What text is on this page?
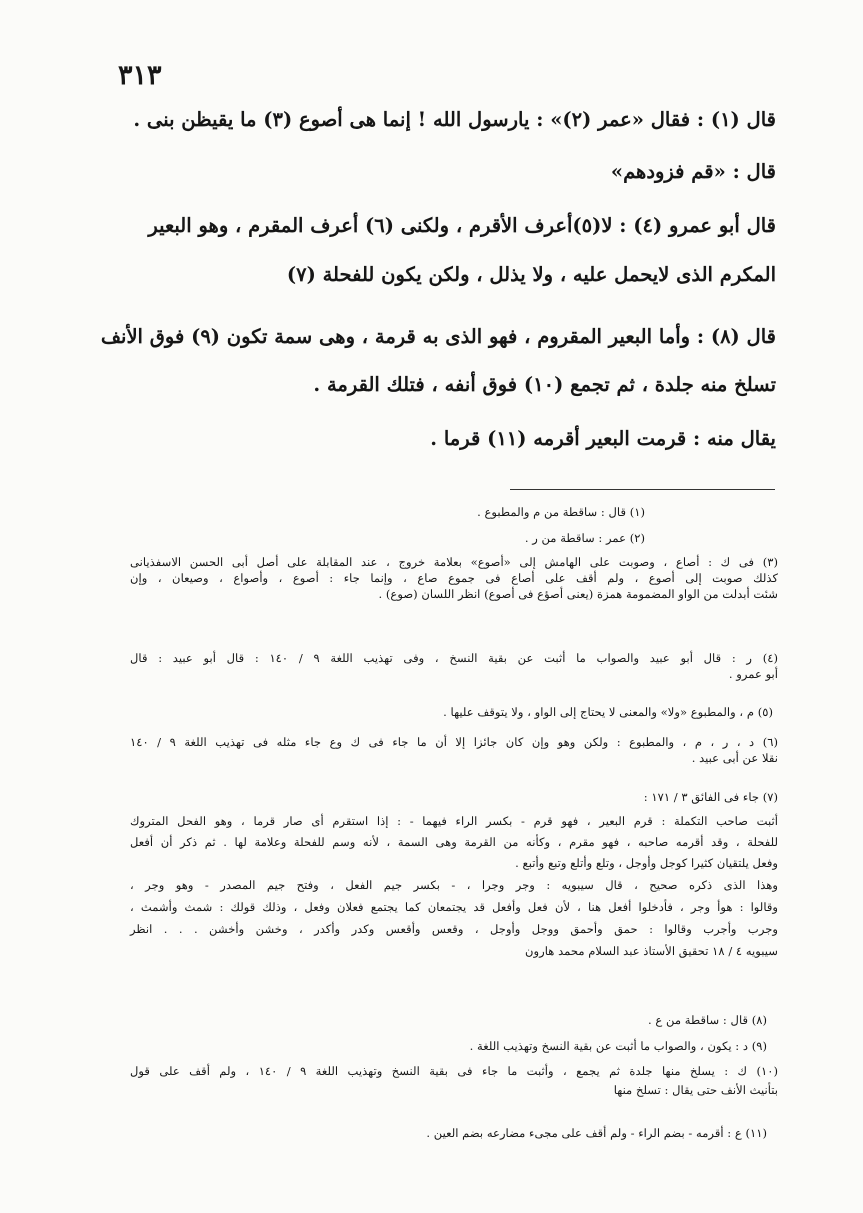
٣١٣
قال (١) : فقال «عمر (٢)» : يارسول الله ! إنما هى أصوع (٣) ما يقيظن بنى .
قال : «قم فزودهم»
قال أبو عمرو (٤) : لا(٥)أعرف الأقرم ، ولكنى (٦) أعرف المقرم ، وهو البعير
المكرم الذى لايحمل عليه ، ولا يذلل ، ولكن يكون للفحلة (٧)
قال (٨) : وأما البعير المقروم ، فهو الذى به قرمة ، وهى سمة تكون (٩) فوق الأنف
تسلخ منه جلدة ، ثم تجمع (١٠) فوق أنفه ، فتلك القرمة .
يقال منه : قرمت البعير أقرمه (١١) قرما .
(١) قال : ساقطة من م والمطبوع .
(٢) عمر : ساقطة من ر .
(٣) فى ك : أصاع ، وصوبت على الهامش إلى «أصوع» بعلامة خروج ، عند المقابلة على أصل أبى الحسن الاسفذيانى
كذلك صوبت إلى أصوع ، ولم أقف على أصاع فى جموع صاع ، وإنما جاء : أصوع ، وأصواع ، وصيعان ، وإن
شئت أبدلت من الواو المضمومة همزة (يعنى أصؤع فى أصوع) انظر اللسان (صوع) .
(٤) ر : قال أبو عبيد والصواب ما أثبت عن بقية النسخ ، وفى تهذيب اللغة ٩ / ١٤٠ : قال أبو عبيد : قال
أبو عمرو .
(٥) م ، والمطبوع «ولا» والمعنى لا يحتاج إلى الواو ، ولا يتوقف عليها .
(٦) د ، ر ، م ، والمطبوع : ولكن وهو وإن كان جائزا إلا أن ما جاء فى ك وع جاء مثله فى تهذيب اللغة ٩ / ١٤٠
نقلا عن أبى عبيد .
(٧) جاء فى الفائق ٣ / ١٧١ :
أثبت صاحب التكملة : قرم البعير ، فهو قرم - بكسر الراء فيهما - : إذا استقرم أى صار قرما ، وهو الفحل المتروك
للفحلة ، وقد أقرمه صاحبه ، فهو مقرم ، وكأنه من القرمة وهى السمة ، لأنه وسم للفحلة وعلامة لها . ثم ذكر أن أفعل
وفعل يلتقيان كثيرا كوجل وأوجل ، وتلع وأتلع وتبع وأتبع .
وهذا الذى ذكره صحيح ، قال سيبويه : وجر وجرا ، - بكسر جيم الفعل ، وفتح جيم المصدر - وهو وجر ،
وقالوا : هوأ وجر ، فأدخلوا أفعل هنا ، لأن فعل وأفعل قد يجتمعان كما يجتمع فعلان وفعل ، وذلك قولك : شمث وأشمث ،
وجرب وأجرب وقالوا : حمق وأحمق ووجل وأوجل ، وقعس وأقعس وكدر وأكدر ، وخشن وأخشن . . . انظر
سيبويه ٤ / ١٨ تحقيق الأستاذ عبد السلام محمد هارون
(٨) قال : ساقطة من ع .
(٩) د : يكون ، والصواب ما أثبت عن بقية النسخ وتهذيب اللغة .
(١٠) ك : يسلخ منها جلدة ثم يجمع ، وأثبت ما جاء فى بقية النسخ وتهذيب اللغة ٩ / ١٤٠ ، ولم أقف على قول
بتأنيث الأنف حتى يقال : تسلخ منها
(١١) ع : أقرمه - بضم الراء - ولم أقف على مجىء مضارعه بضم العين .
